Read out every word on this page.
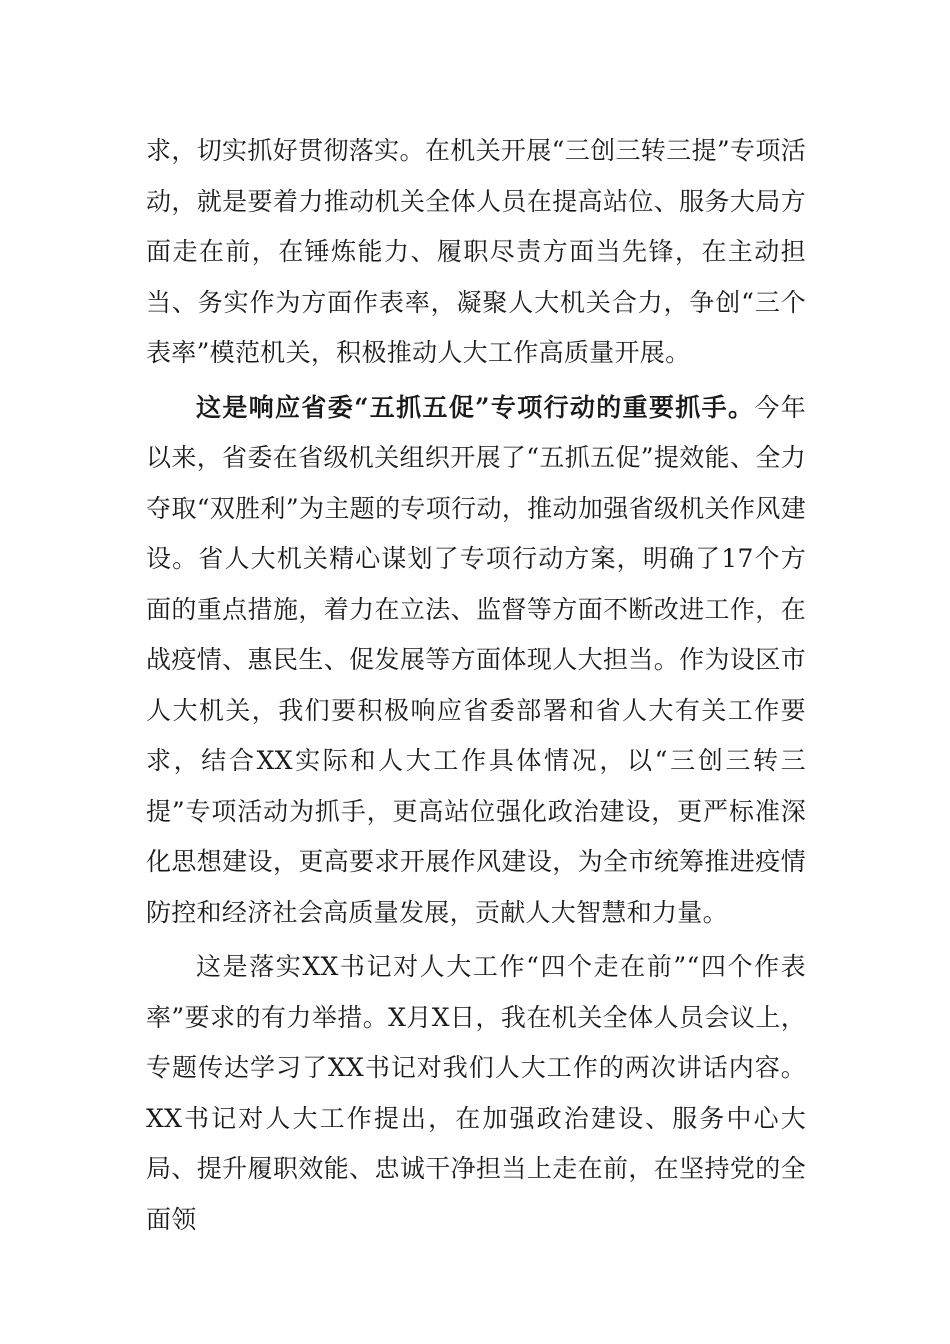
求，切实抓好贯彻落实。在机关开展“三创三转三提”专项活动，就是要着力推动机关全体人员在提高站位、服务大局方面走在前，在锤炼能力、履职尽责方面当先锋，在主动担当、务实作为方面作表率，凝聚人大机关合力，争创“三个表率”模范机关，积极推动人大工作高质量开展。

这是响应省委“五抓五促”专项行动的重要抓手。今年以来，省委在省级机关组织开展了“五抓五促”提效能、全力夺取“双胜利”为主题的专项行动，推动加强省级机关作风建设。省人大机关精心谋划了专项行动方案，明确了17个方面的重点措施，着力在立法、监督等方面不断改进工作，在战疫情、惠民生、促发展等方面体现人大担当。作为设区市人大机关，我们要积极响应省委部署和省人大有关工作要求，结合XX实际和人大工作具体情况，以“三创三转三提”专项活动为抓手，更高站位强化政治建设，更严标准深化思想建设，更高要求开展作风建设，为全市统筹推进疫情防控和经济社会高质量发展，贡献人大智慧和力量。

这是落实XX书记对人大工作“四个走在前”“四个作表率”要求的有力举措。X月X日，我在机关全体人员会议上，专题传达学习了XX书记对我们人大工作的两次讲话内容。XX书记对人大工作提出，在加强政治建设、服务中心大局、提升履职效能、忠诚干净担当上走在前，在坚持党的全面领
